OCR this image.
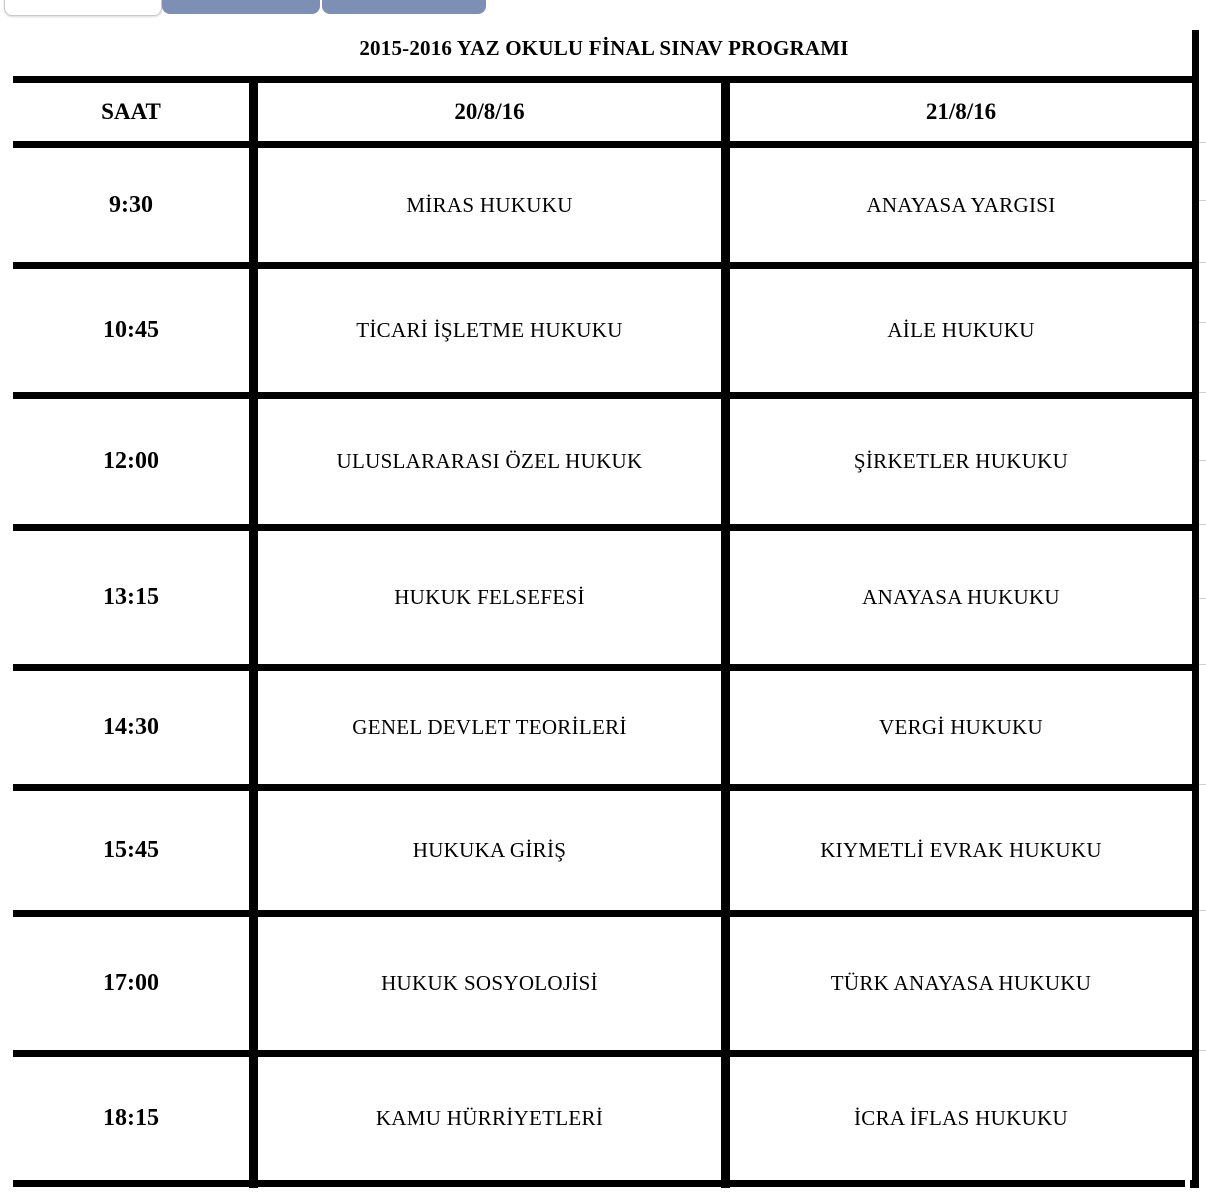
2015-2016 YAZ OKULU FİNAL SINAV PROGRAMI
SAAT	20/8/16	21/8/16
9:30	MİRAS HUKUKU	ANAYASA YARGISI
10:45	TİCARİ İŞLETME HUKUKU	AİLE HUKUKU
12:00	ULUSLARARASI ÖZEL HUKUK	ŞİRKETLER HUKUKU
13:15	HUKUK FELSEFESİ	ANAYASA HUKUKU
14:30	GENEL DEVLET TEORİLERİ	VERGİ HUKUKU
15:45	HUKUKA GİRİŞ	KIYMETLİ EVRAK HUKUKU
17:00	HUKUK SOSYOLOJİSİ	TÜRK ANAYASA HUKUKU
18:15	KAMU HÜRRİYETLERİ	İCRA İFLAS HUKUKU
